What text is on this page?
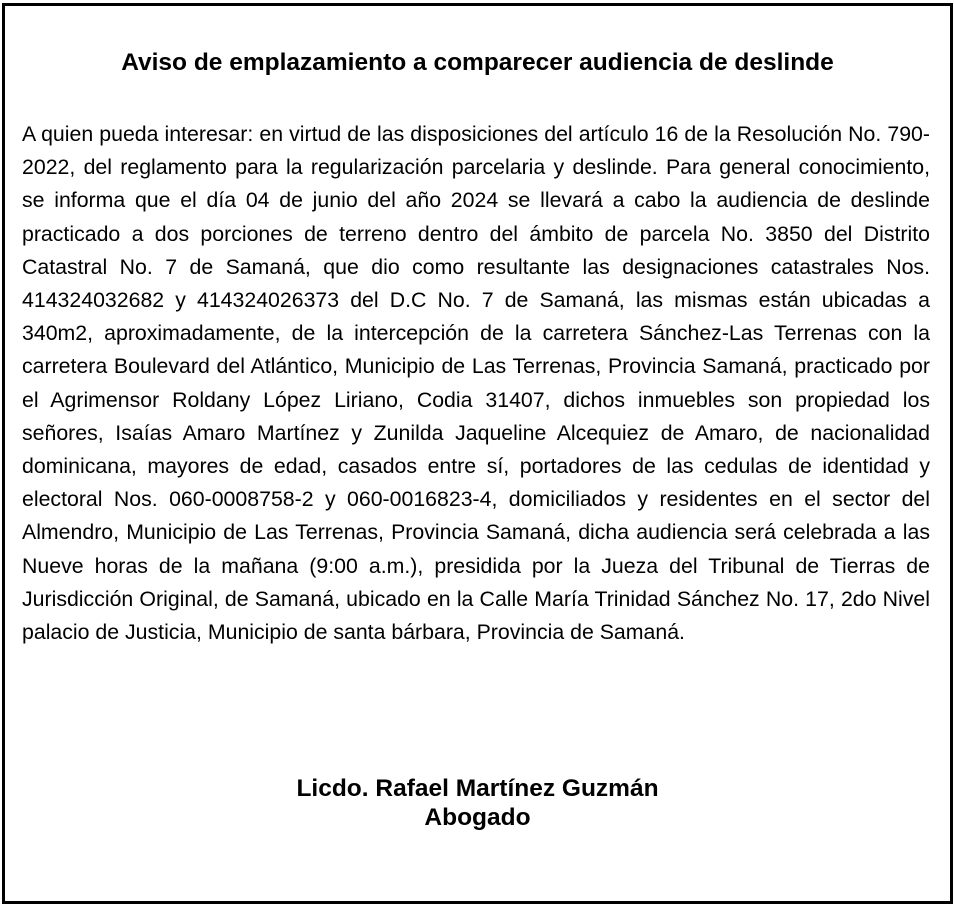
Aviso de emplazamiento a comparecer audiencia de deslinde

A quien pueda interesar: en virtud de las disposiciones del artículo 16 de la Resolución No. 790-2022, del reglamento para la regularización parcelaria y deslinde. Para general conocimiento, se informa que el día 04 de junio del año 2024 se llevará a cabo la audiencia de deslinde practicado a dos porciones de terreno dentro del ámbito de parcela No. 3850 del Distrito Catastral No. 7 de Samaná, que dio como resultante las designaciones catastrales Nos. 414324032682 y 414324026373 del D.C No. 7 de Samaná, las mismas están ubicadas a 340m2, aproximadamente, de la intercepción de la carretera Sánchez-Las Terrenas con la carretera Boulevard del Atlántico, Municipio de Las Terrenas, Provincia Samaná, practicado por el Agrimensor Roldany López Liriano, Codia 31407, dichos inmuebles son propiedad los señores, Isaías Amaro Martínez y Zunilda Jaqueline Alcequiez de Amaro, de nacionalidad dominicana, mayores de edad, casados entre sí, portadores de las cedulas de identidad y electoral Nos. 060-0008758-2 y 060-0016823-4, domiciliados y residentes en el sector del Almendro, Municipio de Las Terrenas, Provincia Samaná, dicha audiencia será celebrada a las Nueve horas de la mañana (9:00 a.m.), presidida por la Jueza del Tribunal de Tierras de Jurisdicción Original, de Samaná, ubicado en la Calle María Trinidad Sánchez No. 17, 2do Nivel palacio de Justicia, Municipio de santa bárbara, Provincia de Samaná.

Licdo. Rafael Martínez Guzmán
Abogado
